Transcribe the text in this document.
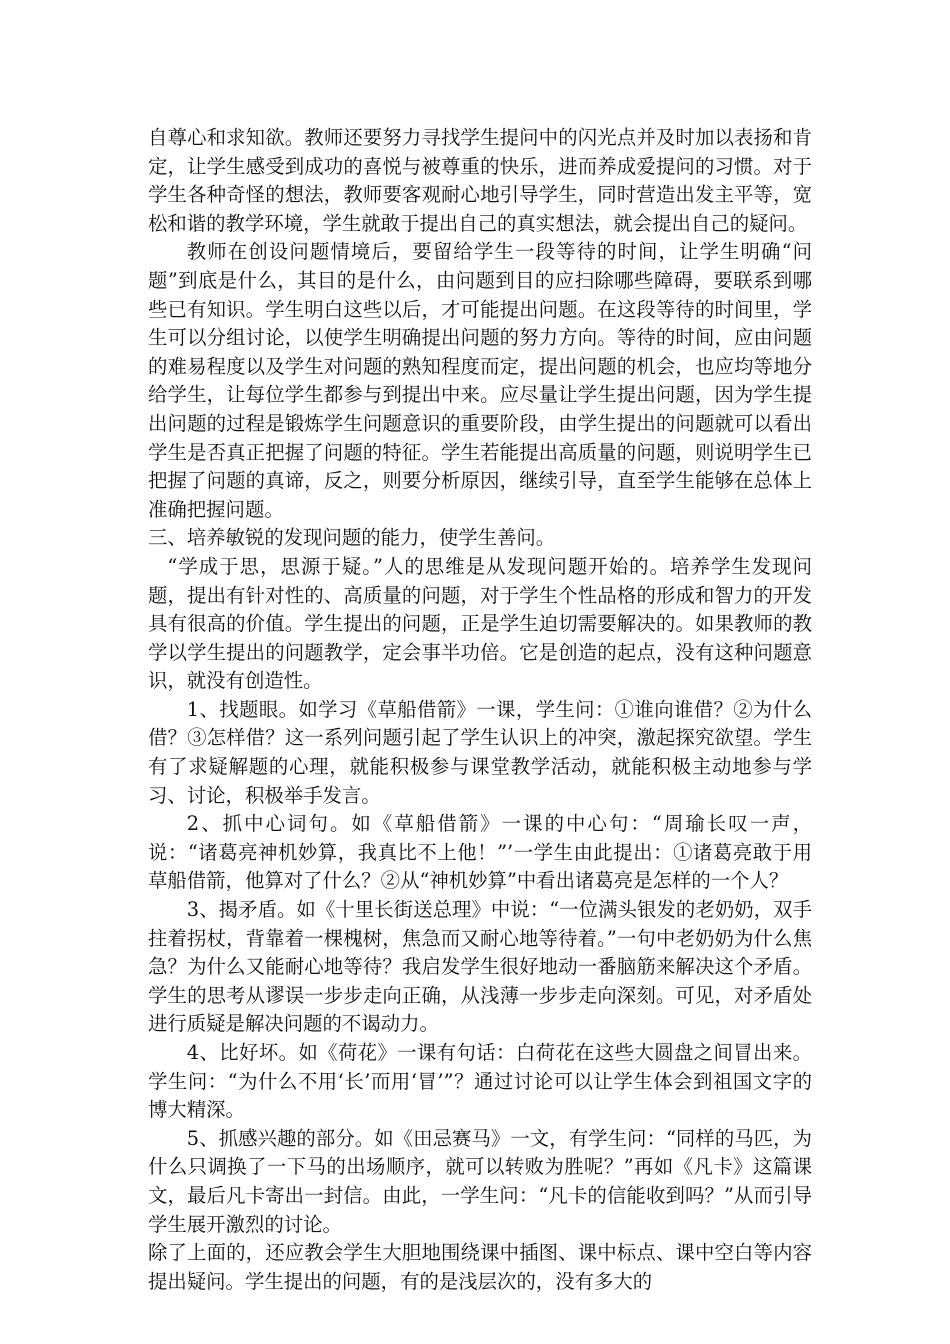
自尊心和求知欲。教师还要努力寻找学生提问中的闪光点并及时加以表扬和肯定，让学生感受到成功的喜悦与被尊重的快乐，进而养成爱提问的习惯。对于学生各种奇怪的想法，教师要客观耐心地引导学生，同时营造出发主平等，宽松和谐的教学环境，学生就敢于提出自己的真实想法，就会提出自己的疑问。

教师在创设问题情境后，要留给学生一段等待的时间，让学生明确“问题”到底是什么，其目的是什么，由问题到目的应扫除哪些障碍，要联系到哪些已有知识。学生明白这些以后，才可能提出问题。在这段等待的时间里，学生可以分组讨论，以使学生明确提出问题的努力方向。等待的时间，应由问题的难易程度以及学生对问题的熟知程度而定，提出问题的机会，也应均等地分给学生，让每位学生都参与到提出中来。应尽量让学生提出问题，因为学生提出问题的过程是锻炼学生问题意识的重要阶段，由学生提出的问题就可以看出学生是否真正把握了问题的特征。学生若能提出高质量的问题，则说明学生已把握了问题的真谛，反之，则要分析原因，继续引导，直至学生能够在总体上准确把握问题。

三、培养敏锐的发现问题的能力，使学生善问。

“学成于思，思源于疑。”人的思维是从发现问题开始的。培养学生发现问题，提出有针对性的、高质量的问题，对于学生个性品格的形成和智力的开发具有很高的价值。学生提出的问题，正是学生迫切需要解决的。如果教师的教学以学生提出的问题教学，定会事半功倍。它是创造的起点，没有这种问题意识，就没有创造性。

1、找题眼。如学习《草船借箭》一课，学生问：①谁向谁借？②为什么借？③怎样借？这一系列问题引起了学生认识上的冲突，激起探究欲望。学生有了求疑解题的心理，就能积极参与课堂教学活动，就能积极主动地参与学习、讨论，积极举手发言。

2、抓中心词句。如《草船借箭》一课的中心句：“周瑜长叹一声，说：“诸葛亮神机妙算，我真比不上他！”’一学生由此提出：①诸葛亮敢于用草船借箭，他算对了什么？②从“神机妙算”中看出诸葛亮是怎样的一个人？

3、揭矛盾。如《十里长街送总理》中说：“一位满头银发的老奶奶，双手拄着拐杖，背靠着一棵槐树，焦急而又耐心地等待着。”一句中老奶奶为什么焦急？为什么又能耐心地等待？我启发学生很好地动一番脑筋来解决这个矛盾。学生的思考从谬误一步步走向正确，从浅薄一步步走向深刻。可见，对矛盾处进行质疑是解决问题的不谒动力。

4、比好坏。如《荷花》一课有句话：白荷花在这些大圆盘之间冒出来。学生问：“为什么不用‘长’而用‘冒’”？通过讨论可以让学生体会到祖国文字的博大精深。

5、抓感兴趣的部分。如《田忌赛马》一文，有学生问：“同样的马匹，为什么只调换了一下马的出场顺序，就可以转败为胜呢？”再如《凡卡》这篇课文，最后凡卡寄出一封信。由此，一学生问：“凡卡的信能收到吗？”从而引导学生展开激烈的讨论。

除了上面的，还应教会学生大胆地围绕课中插图、课中标点、课中空白等内容提出疑问。学生提出的问题，有的是浅层次的，没有多大的
